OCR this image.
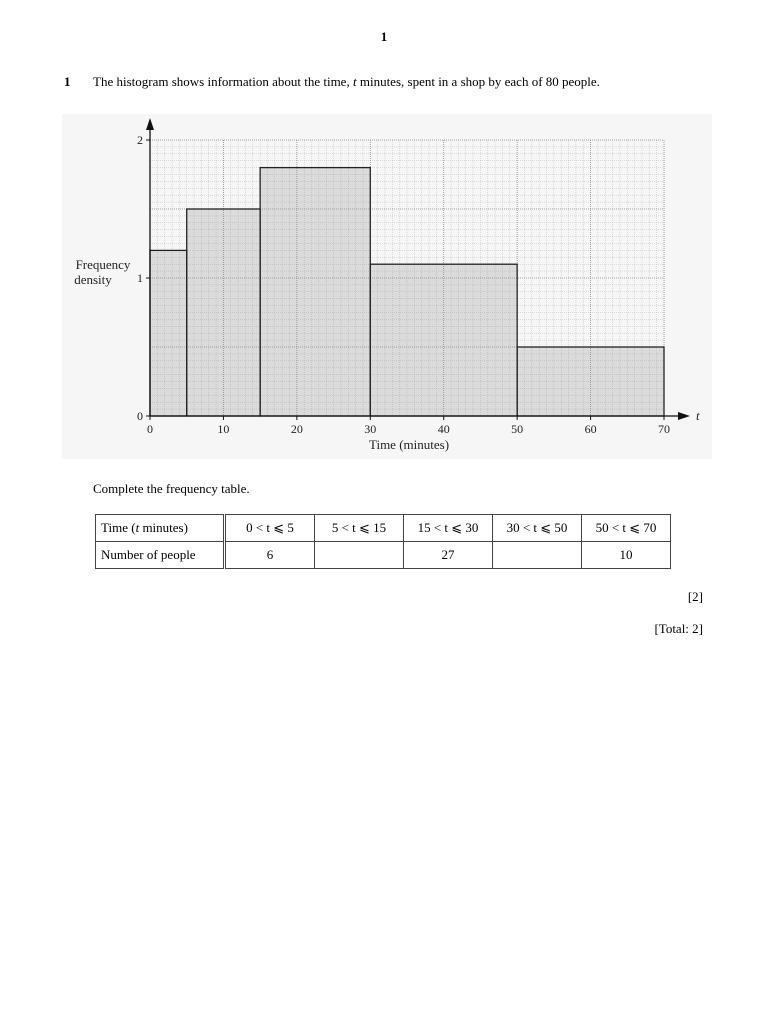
1
1 The histogram shows information about the time, t minutes, spent in a shop by each of 80 people.
0	10	20	30	40	50	60	70
0
1
2
Frequency
density
Time (minutes)
t
Complete the frequency table.
Time (t minutes)	0 < t ⩽ 5	5 < t ⩽ 15	15 < t ⩽ 30	30 < t ⩽ 50	50 < t ⩽ 70
Number of people	6		27		10
[2]
[Total: 2]
